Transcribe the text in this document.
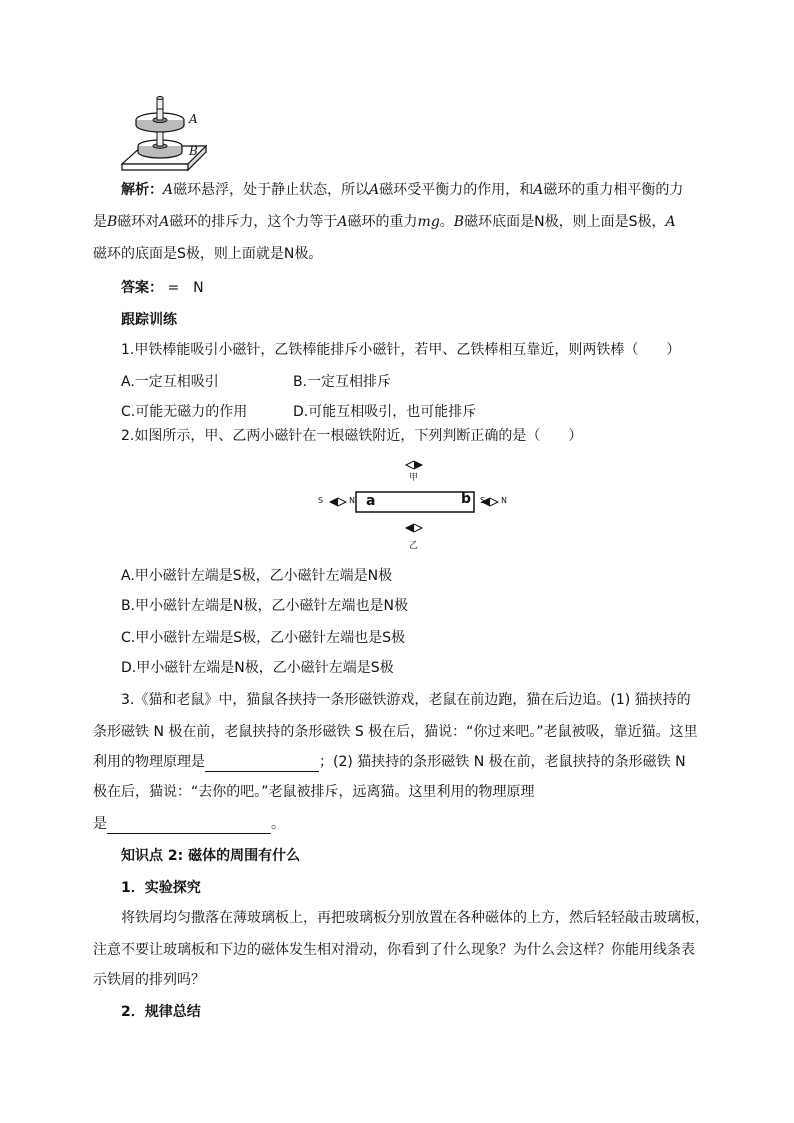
A
B
解析：A磁环悬浮，处于静止状态，所以A磁环受平衡力的作用，和A磁环的重力相平衡的力
是B磁环对A磁环的排斥力，这个力等于A磁环的重力mg。B磁环底面是N极，则上面是S极，A
磁环的底面是S极，则上面就是N极。
答案： =　N
跟踪训练
1.甲铁棒能吸引小磁针，乙铁棒能排斥小磁针，若甲、乙铁棒相互靠近，则两铁棒（　　）
A.一定互相吸引	B.一定互相排斥
C.可能无磁力的作用	D.可能互相吸引，也可能排斥
2.如图所示，甲、乙两小磁针在一根磁铁附近，下列判断正确的是（　　）
甲
乙
a	b
S	N	S N
A.甲小磁针左端是S极，乙小磁针左端是N极
B.甲小磁针左端是N极，乙小磁针左端也是N极
C.甲小磁针左端是S极，乙小磁针左端也是S极
D.甲小磁针左端是N极，乙小磁针左端是S极
3.《猫和老鼠》中，猫鼠各挟持一条形磁铁游戏，老鼠在前边跑，猫在后边追。(1) 猫挟持的
条形磁铁 N 极在前，老鼠挟持的条形磁铁 S 极在后，猫说：“你过来吧。”老鼠被吸，靠近猫。这里
利用的物理原理是	；(2) 猫挟持的条形磁铁 N 极在前，老鼠挟持的条形磁铁 N
极在后，猫说：“去你的吧。”老鼠被排斥，远离猫。这里利用的物理原理
是	。
知识点 2: 磁体的周围有什么
1．实验探究
将铁屑均匀撒落在薄玻璃板上，再把玻璃板分别放置在各种磁体的上方，然后轻轻敲击玻璃板，
注意不要让玻璃板和下边的磁体发生相对滑动，你看到了什么现象？为什么会这样？你能用线条表
示铁屑的排列吗？
2．规律总结
